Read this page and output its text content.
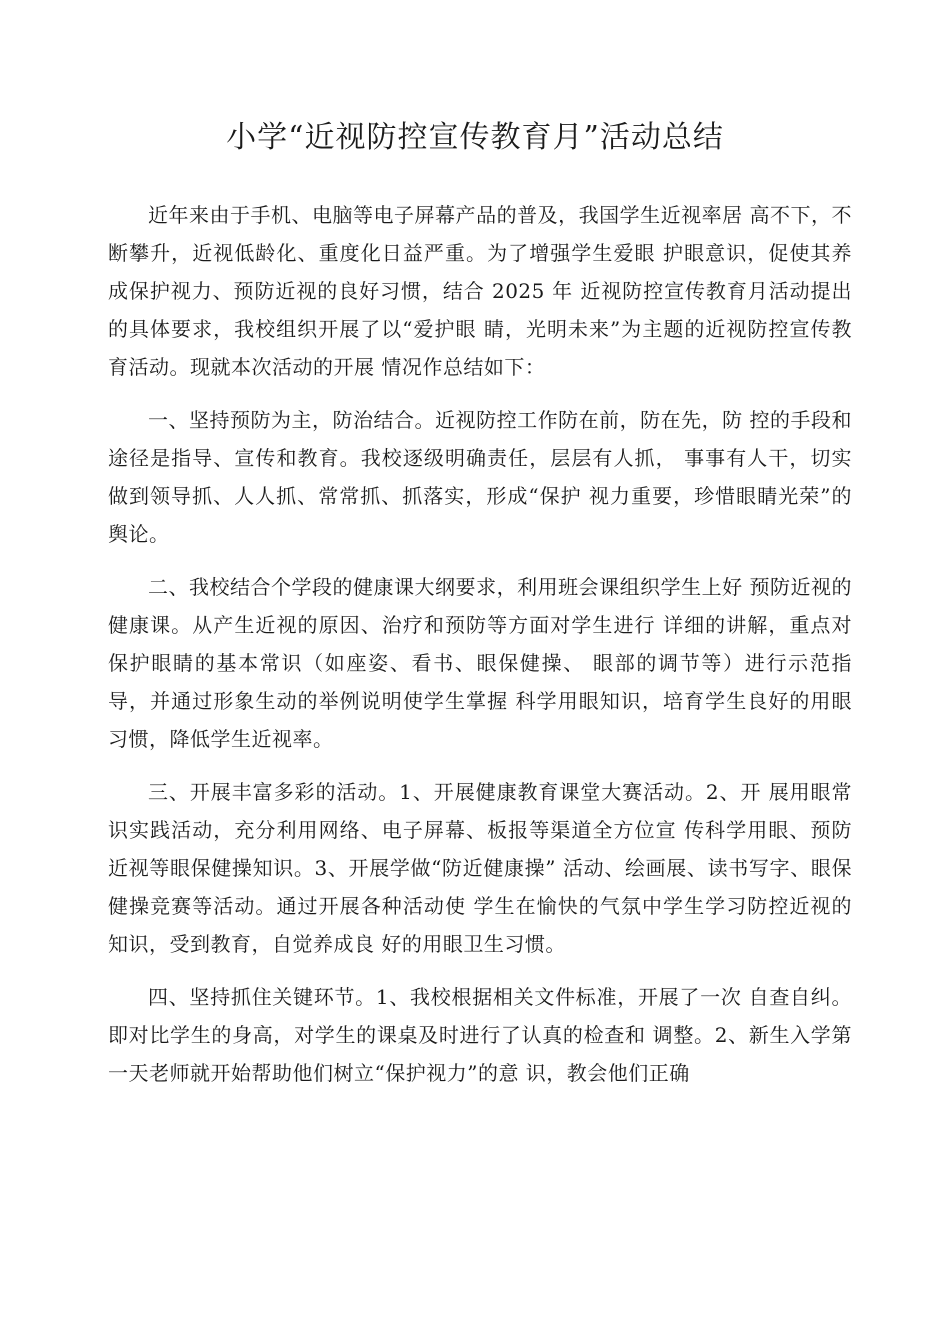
小学“近视防控宣传教育月”活动总结

近年来由于手机、电脑等电子屏幕产品的普及，我国学生近视率居 高不下，不断攀升，近视低龄化、重度化日益严重。为了增强学生爱眼 护眼意识，促使其养成保护视力、预防近视的良好习惯，结合 2025 年 近视防控宣传教育月活动提出的具体要求，我校组织开展了以“爱护眼 睛，光明未来”为主题的近视防控宣传教育活动。现就本次活动的开展 情况作总结如下：

一、坚持预防为主，防治结合。近视防控工作防在前，防在先，防 控的手段和途径是指导、宣传和教育。我校逐级明确责任，层层有人抓， 事事有人干，切实做到领导抓、人人抓、常常抓、抓落实，形成“保护 视力重要，珍惜眼睛光荣”的舆论。

二、我校结合个学段的健康课大纲要求，利用班会课组织学生上好 预防近视的健康课。从产生近视的原因、治疗和预防等方面对学生进行 详细的讲解，重点对保护眼睛的基本常识（如座姿、看书、眼保健操、 眼部的调节等）进行示范指导，并通过形象生动的举例说明使学生掌握 科学用眼知识，培育学生良好的用眼习惯，降低学生近视率。

三、开展丰富多彩的活动。1、开展健康教育课堂大赛活动。2、开 展用眼常识实践活动，充分利用网络、电子屏幕、板报等渠道全方位宣 传科学用眼、预防近视等眼保健操知识。3、开展学做“防近健康操” 活动、绘画展、读书写字、眼保健操竞赛等活动。通过开展各种活动使 学生在愉快的气氛中学生学习防控近视的知识，受到教育，自觉养成良 好的用眼卫生习惯。

四、坚持抓住关键环节。1、我校根据相关文件标准，开展了一次 自查自纠。即对比学生的身高，对学生的课桌及时进行了认真的检查和 调整。2、新生入学第一天老师就开始帮助他们树立“保护视力”的意 识，教会他们正确
